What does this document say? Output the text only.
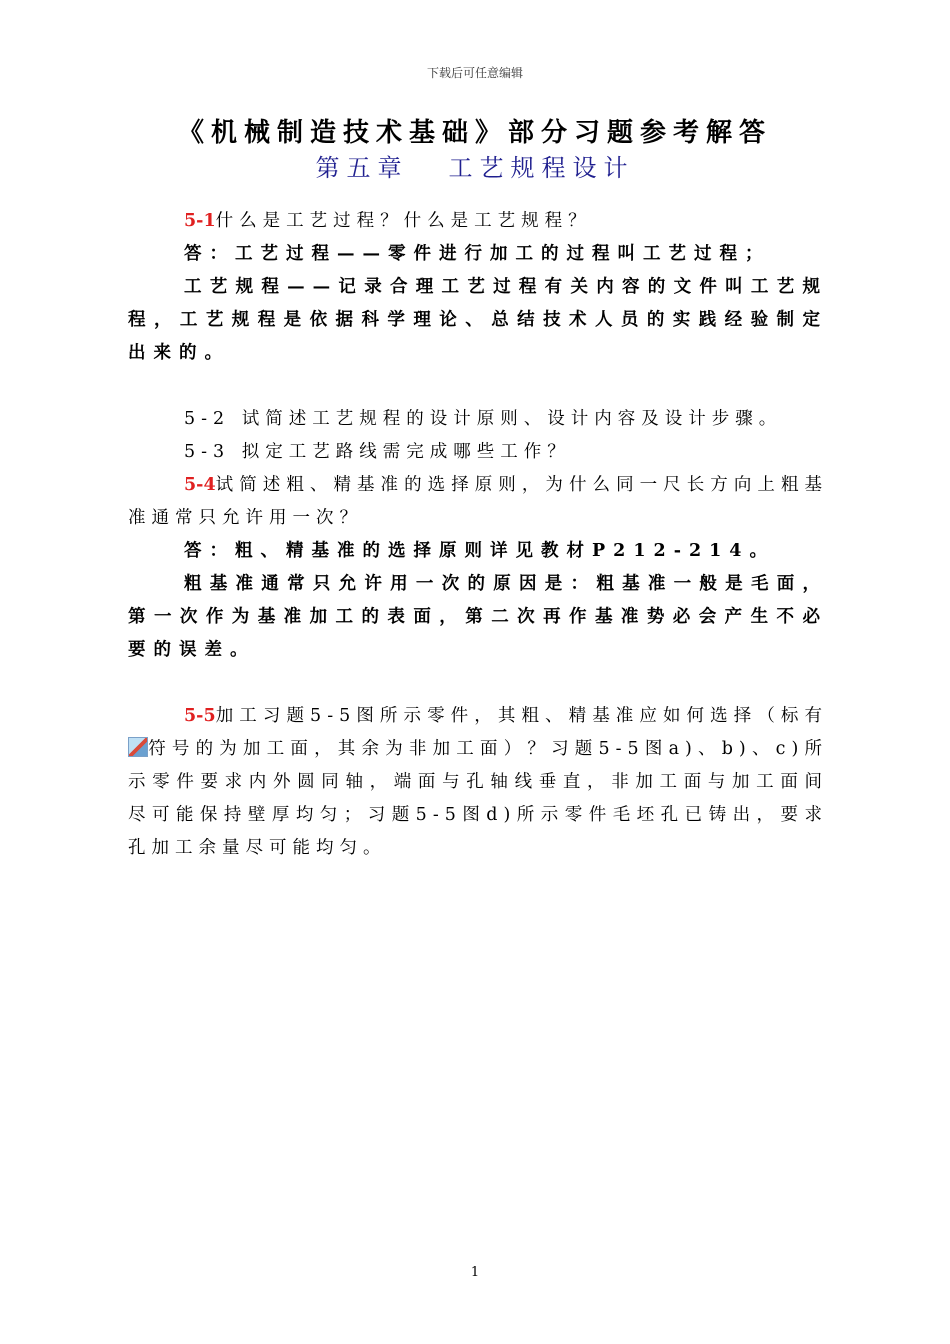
下载后可任意编辑
《机械制造技术基础》部分习题参考解答
第五章 工艺规程设计

5-1什么是工艺过程？什么是工艺规程？

答：工艺过程——零件进行加工的过程叫工艺过程；

工艺规程——记录合理工艺过程有关内容的文件叫工艺规程，工艺规程是依据科学理论、总结技术人员的实践经验制定出来的。

5-2 试简述工艺规程的设计原则、设计内容及设计步骤。

5-3 拟定工艺路线需完成哪些工作？

5-4试简述粗、精基准的选择原则，为什么同一尺长方向上粗基准通常只允许用一次？

答：粗、精基准的选择原则详见教材P212-214。

粗基准通常只允许用一次的原因是：粗基准一般是毛面，第一次作为基准加工的表面，第二次再作基准势必会产生不必要的误差。

5-5加工习题5-5图所示零件，其粗、精基准应如何选择（标有符号的为加工面，其余为非加工面）？习题5-5图a)、b)、c)所示零件要求内外圆同轴，端面与孔轴线垂直，非加工面与加工面间尽可能保持壁厚均匀；习题5-5图d)所示零件毛坯孔已铸出，要求孔加工余量尽可能均匀。

1
